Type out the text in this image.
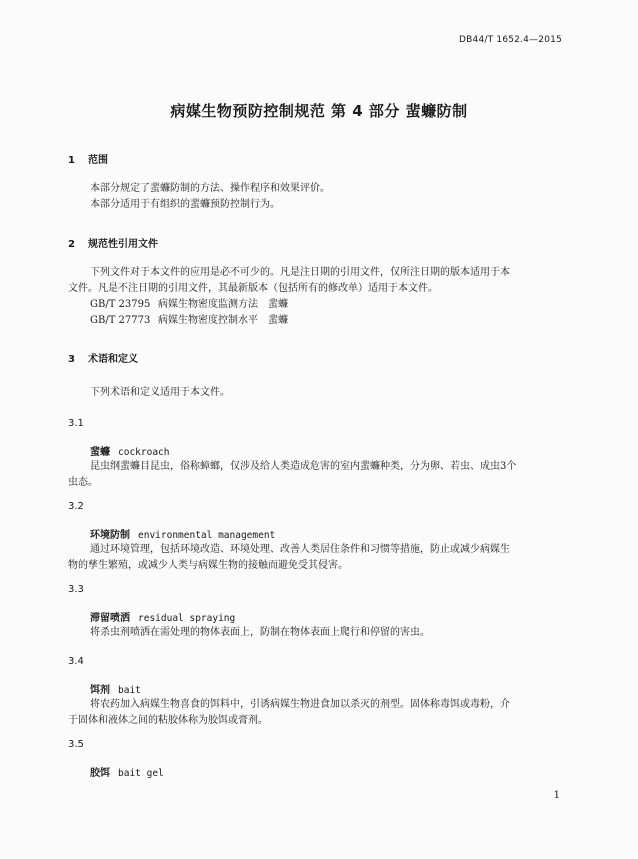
DB44/T 1652.4—2015
病媒生物预防控制规范 第 4 部分 蜚蠊防制
1 范围
本部分规定了蜚蠊防制的方法、操作程序和效果评价。
本部分适用于有组织的蜚蠊预防控制行为。
2 规范性引用文件
下列文件对于本文件的应用是必不可少的。凡是注日期的引用文件，仅所注日期的版本适用于本
文件。凡是不注日期的引用文件，其最新版本（包括所有的修改单）适用于本文件。
GB/T 23795 病媒生物密度监测方法　蜚蠊
GB/T 27773 病媒生物密度控制水平　蜚蠊
3 术语和定义
下列术语和定义适用于本文件。
3.1
蜚蠊 cockroach
昆虫纲蜚蠊目昆虫，俗称蟑螂，仅涉及给人类造成危害的室内蜚蠊种类，分为卵、若虫、成虫3个
虫态。
3.2
环境防制 environmental management
通过环境管理，包括环境改造、环境处理、改善人类居住条件和习惯等措施，防止或减少病媒生
物的孳生繁殖，或减少人类与病媒生物的接触而避免受其侵害。
3.3
滞留喷洒 residual spraying
将杀虫剂喷洒在需处理的物体表面上，防制在物体表面上爬行和停留的害虫。
3.4
饵剂 bait
将农药加入病媒生物喜食的饵料中，引诱病媒生物进食加以杀灭的剂型。固体称毒饵或毒粉，介
于固体和液体之间的粘胶体称为胶饵或膏剂。
3.5
胶饵 bait gel
1
